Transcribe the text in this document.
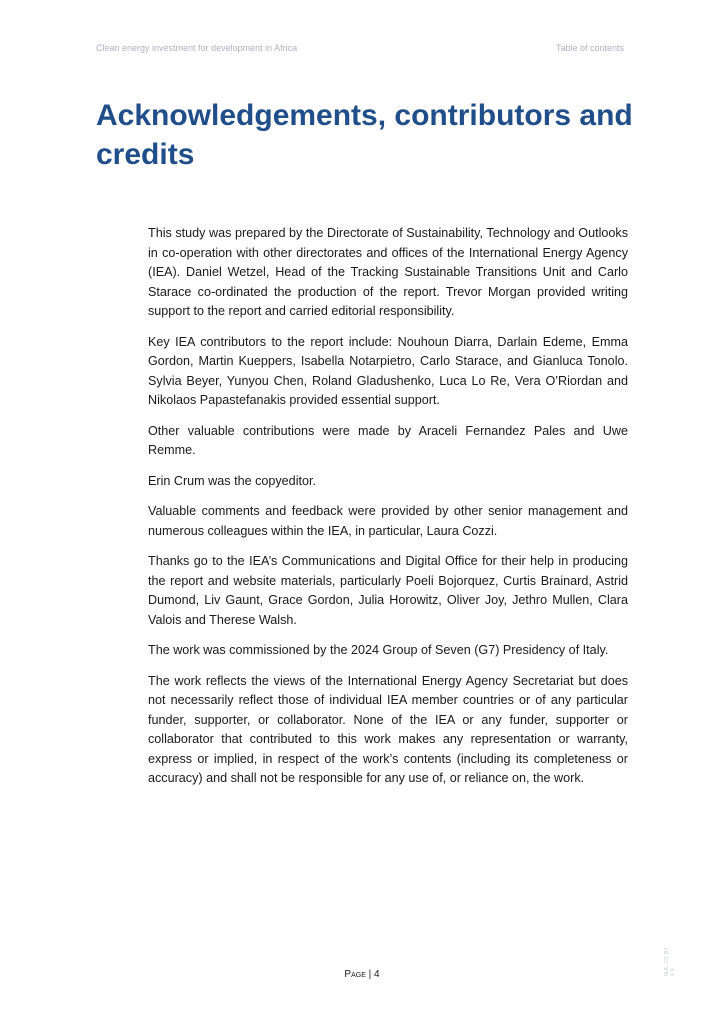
Clean energy investment for development in Africa	Table of contents
Acknowledgements, contributors and credits

This study was prepared by the Directorate of Sustainability, Technology and Outlooks in co-operation with other directorates and offices of the International Energy Agency (IEA). Daniel Wetzel, Head of the Tracking Sustainable Transitions Unit and Carlo Starace co-ordinated the production of the report. Trevor Morgan provided writing support to the report and carried editorial responsibility.

Key IEA contributors to the report include: Nouhoun Diarra, Darlain Edeme, Emma Gordon, Martin Kueppers, Isabella Notarpietro, Carlo Starace, and Gianluca Tonolo. Sylvia Beyer, Yunyou Chen, Roland Gladushenko, Luca Lo Re, Vera O’Riordan and Nikolaos Papastefanakis provided essential support.

Other valuable contributions were made by Araceli Fernandez Pales and Uwe Remme.

Erin Crum was the copyeditor.

Valuable comments and feedback were provided by other senior management and numerous colleagues within the IEA, in particular, Laura Cozzi.

Thanks go to the IEA’s Communications and Digital Office for their help in producing the report and website materials, particularly Poeli Bojorquez, Curtis Brainard, Astrid Dumond, Liv Gaunt, Grace Gordon, Julia Horowitz, Oliver Joy, Jethro Mullen, Clara Valois and Therese Walsh.

The work was commissioned by the 2024 Group of Seven (G7) Presidency of Italy.

The work reflects the views of the International Energy Agency Secretariat but does not necessarily reflect those of individual IEA member countries or of any particular funder, supporter, or collaborator. None of the IEA or any funder, supporter or collaborator that contributed to this work makes any representation or warranty, express or implied, in respect of the work’s contents (including its completeness or accuracy) and shall not be responsible for any use of, or reliance on, the work.

Page | 4	IEA. CC BY 4.0.
